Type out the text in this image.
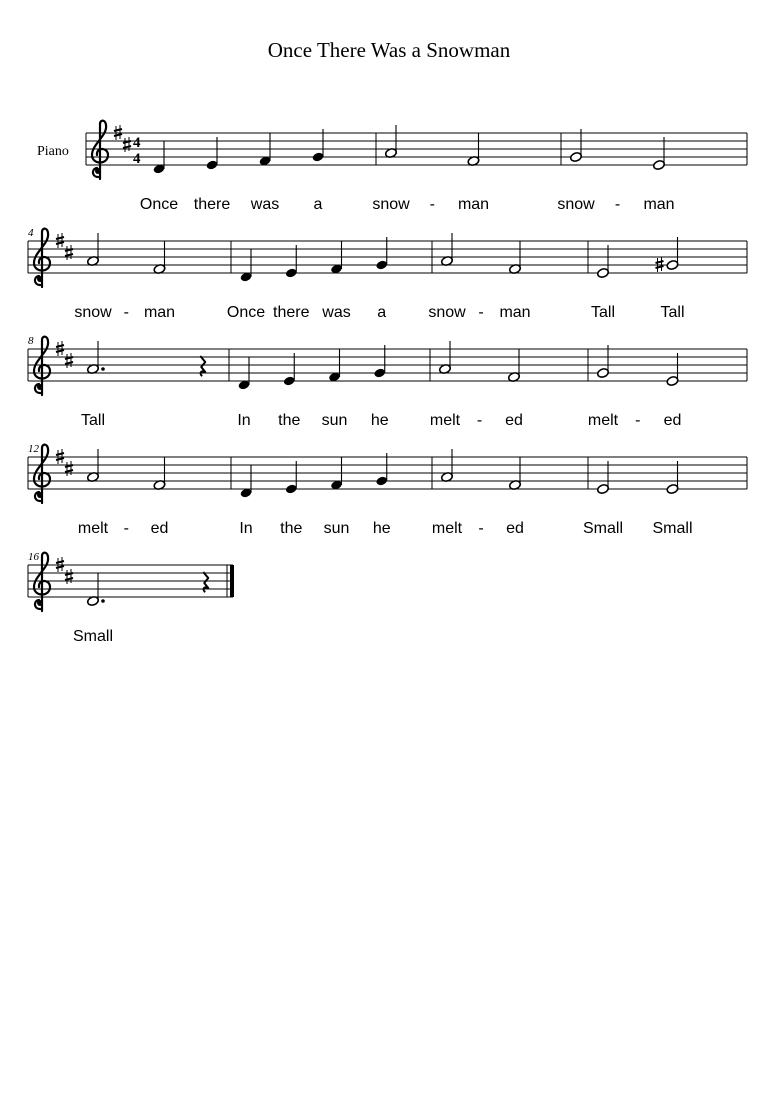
Once There Was a Snowman
Piano
4
4
Once there was a	snow	man
-	snow	man
-
4
snow man
-	Once there was a	snow man
-	Tall	Tall
8
Tall	In the sun he	melt	ed
-	melt	ed
-
12
melt	ed
-	In the sun he	melt	ed
-	Small Small
16
Small
